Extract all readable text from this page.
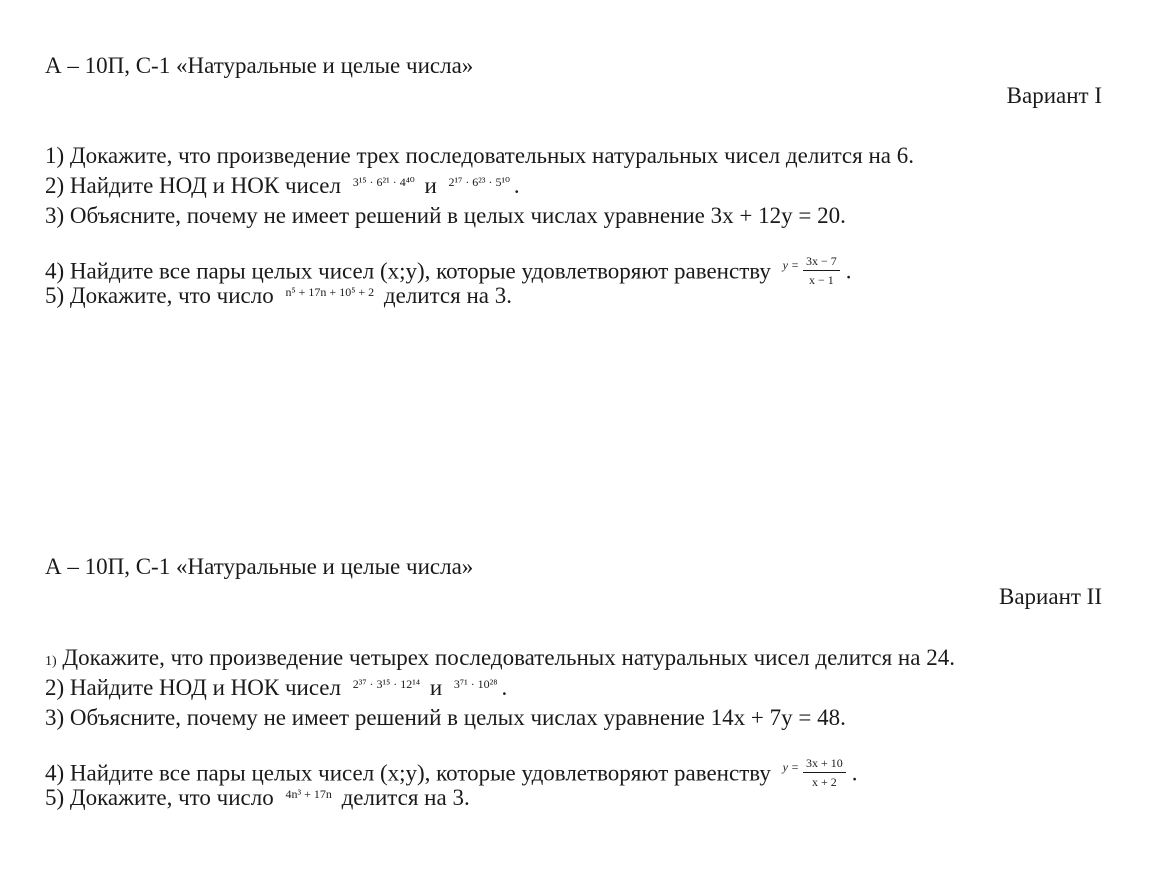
А – 10П, С-1 «Натуральные и целые числа»
Вариант I
1) Докажите, что произведение трех последовательных натуральных чисел делится на 6.
2) Найдите НОД и НОК чисел 3¹⁵ · 6²¹ · 4⁴⁰ и 2¹⁷ · 6²³ · 5¹⁰ .
3) Объясните, почему не имеет решений в целых числах уравнение 3x + 12y = 20.
4) Найдите все пары целых чисел (x;y), которые удовлетворяют равенству $y = \frac{3x - 7}{x - 1}$ .
5) Докажите, что число n⁵ + 17n + 10⁵ + 2 делится на 3.
А – 10П, С-1 «Натуральные и целые числа»
Вариант II
1) Докажите, что произведение четырех последовательных натуральных чисел делится на 24.
2) Найдите НОД и НОК чисел 2³⁷ · 3¹⁵ · 12¹⁴ и 3⁷¹ · 10²⁸ .
3) Объясните, почему не имеет решений в целых числах уравнение 14x + 7y = 48.
4) Найдите все пары целых чисел (x;y), которые удовлетворяют равенству $y = \frac{3x + 10}{x + 2}$ .
5) Докажите, что число 4n³ + 17n делится на 3.
